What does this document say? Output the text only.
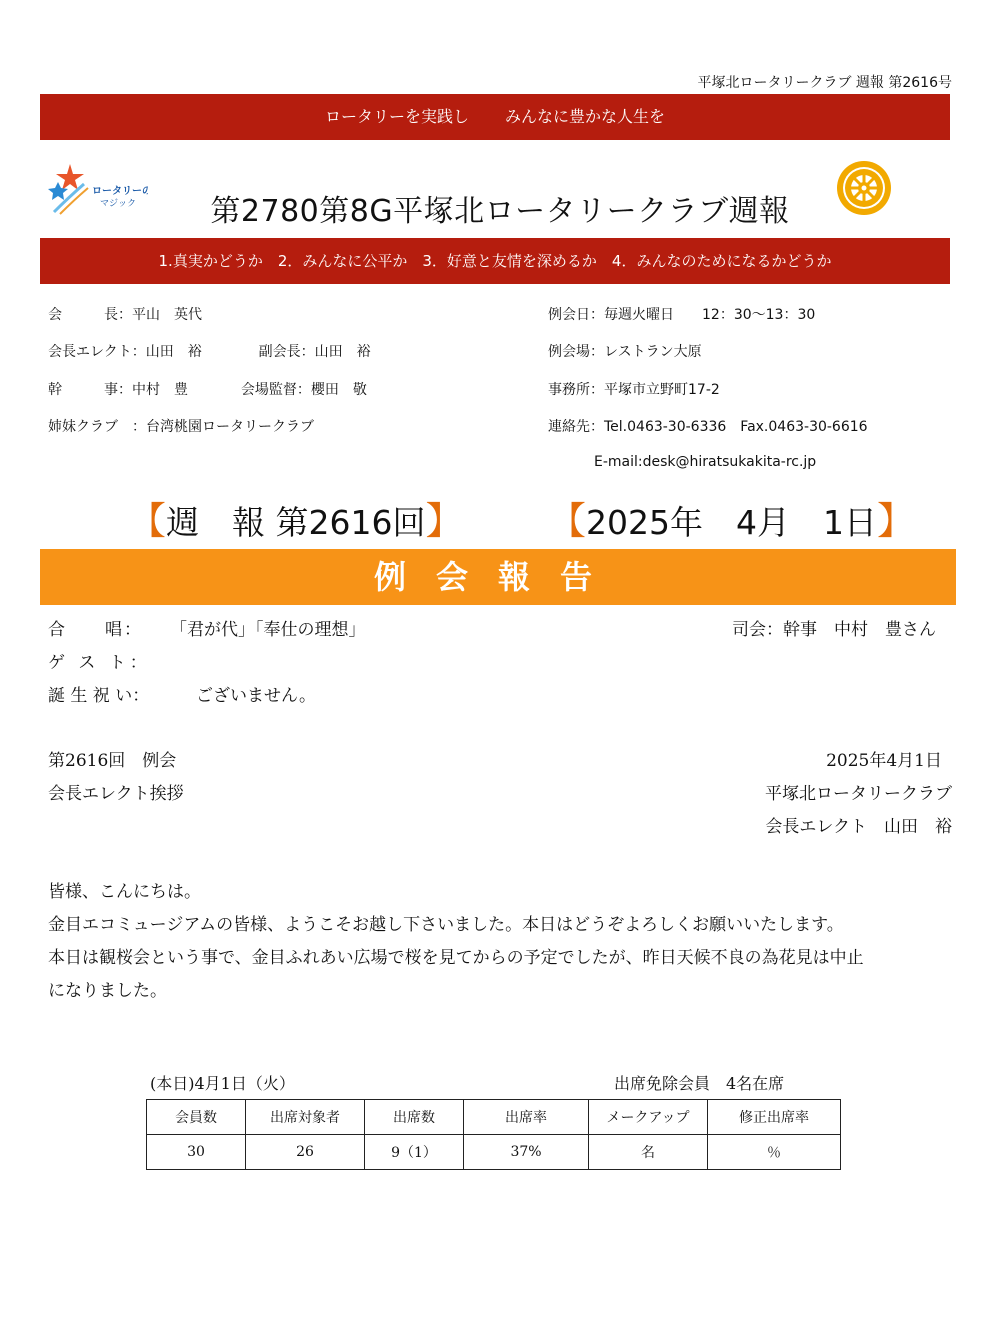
平塚北ロータリークラブ 週報 第2616号
ロータリーを実践し みんなに豊かな人生を
ロータリーの
マジック	第2780第8G平塚北ロータリークラブ週報
1.真実かどうか　2．みんなに公平か　3．好意と友情を深めるか　4．みんなのためになるかどうか
会　　　長：平山　英代
会長エレクト：山田　裕	副会長：山田　裕
幹　　　事：中村　豊	会場監督：櫻田　敬
姉妹クラブ　：台湾桃園ロータリークラブ
例会日：毎週火曜日　　12：30〜13：30
例会場：レストラン大原
事務所：平塚市立野町17-2
連絡先：Tel.0463-30-6336　Fax.0463-30-6616
E-mail:desk@hiratsukakita-rc.jp
【週　報 第2616回】 【2025年　4月　1日】
例会報告
合　　唱： 「君が代」「奉仕の理想」	司会：幹事　中村　豊さん
ゲ ス ト：
誕 生 祝 い：	ございません。
第2616回　例会	2025年4月1日
会長エレクト挨拶	平塚北ロータリークラブ
会長エレクト　山田　裕
皆様、こんにちは。
金目エコミュージアムの皆様、ようこそお越し下さいました。本日はどうぞよろしくお願いいたします。
本日は観桜会という事で、金目ふれあい広場で桜を見てからの予定でしたが、昨日天候不良の為花見は中止
になりました。
(本日)4月1日（火）	出席免除会員　4名在席
会員数	出席対象者	出席数	出席率	メークアップ	修正出席率
30	26	9（1）	37%	名	％
